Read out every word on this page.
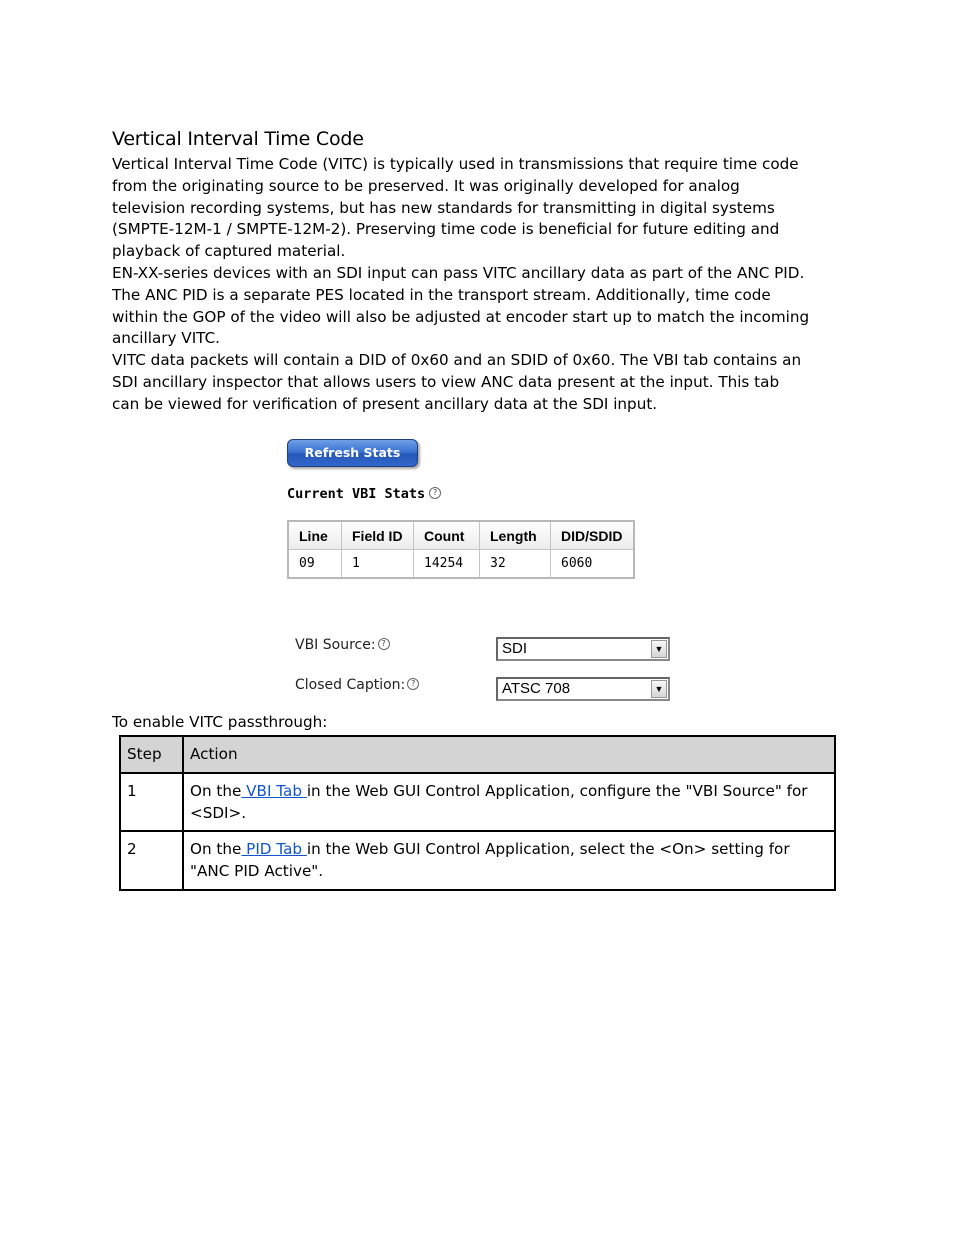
Vertical Interval Time Code
Vertical Interval Time Code (VITC) is typically used in transmissions that require time code
from the originating source to be preserved. It was originally developed for analog
television recording systems, but has new standards for transmitting in digital systems
(SMPTE-12M-1 / SMPTE-12M-2). Preserving time code is beneficial for future editing and
playback of captured material.
EN-XX-series devices with an SDI input can pass VITC ancillary data as part of the ANC PID.
The ANC PID is a separate PES located in the transport stream. Additionally, time code
within the GOP of the video will also be adjusted at encoder start up to match the incoming
ancillary VITC.
VITC data packets will contain a DID of 0x60 and an SDID of 0x60. The VBI tab contains an
SDI ancillary inspector that allows users to view ANC data present at the input. This tab
can be viewed for verification of present ancillary data at the SDI input.
Refresh Stats
Current VBI Stats ?
Line	Field ID	Count	Length	DID/SDID
09	1	14254	32	6060
VBI Source: ?	SDI	▼
Closed Caption: ?	ATSC 708	▼
To enable VITC passthrough:
Step	Action
1	On the VBI Tab in the Web GUI Control Application, configure the "VBI Source" for <SDI>.
2	On the PID Tab in the Web GUI Control Application, select the <On> setting for "ANC PID Active".
